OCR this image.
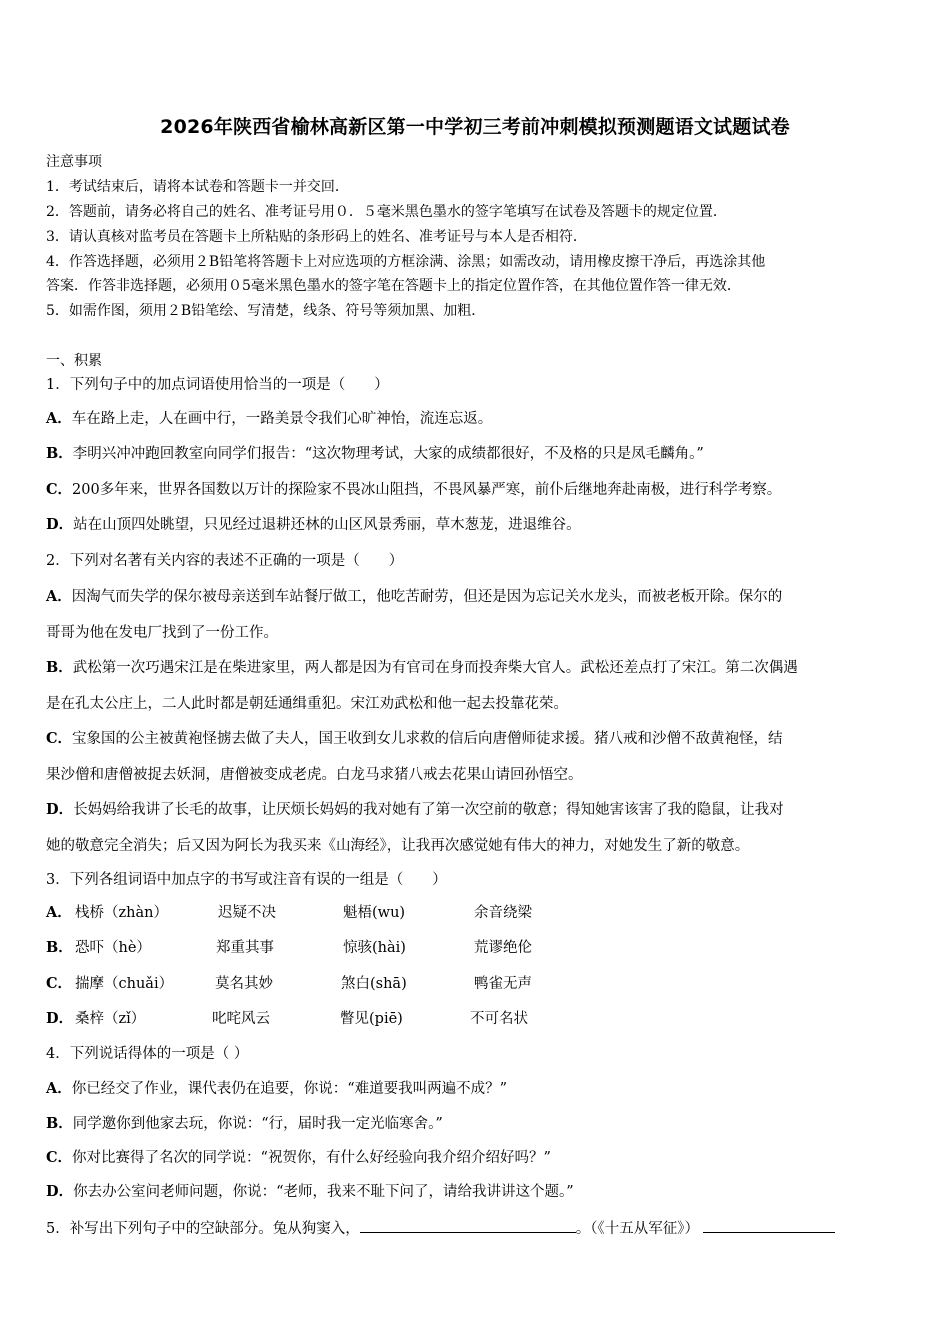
2026年陕西省榆林高新区第一中学初三考前冲刺模拟预测题语文试题试卷
注意事项
1．考试结束后，请将本试卷和答题卡一并交回．
2．答题前，请务必将自己的姓名、准考证号用０．５毫米黑色墨水的签字笔填写在试卷及答题卡的规定位置．
3．请认真核对监考员在答题卡上所粘贴的条形码上的姓名、准考证号与本人是否相符．
4．作答选择题，必须用２B铅笔将答题卡上对应选项的方框涂满、涂黑；如需改动，请用橡皮擦干净后，再选涂其他
答案．作答非选择题，必须用０5毫米黑色墨水的签字笔在答题卡上的指定位置作答，在其他位置作答一律无效．
5．如需作图，须用２B铅笔绘、写清楚，线条、符号等须加黑、加粗．
一、积累
1．下列句子中的加点词语使用恰当的一项是（　　）
A．车在路上走，人在画中行，一路美景令我们心旷神怡，流连忘返。
B．李明兴冲冲跑回教室向同学们报告：“这次物理考试，大家的成绩都很好，不及格的只是凤毛麟角。”
C．200多年来，世界各国数以万计的探险家不畏冰山阻挡，不畏风暴严寒，前仆后继地奔赴南极，进行科学考察。
D．站在山顶四处眺望，只见经过退耕还林的山区风景秀丽，草木葱茏，进退维谷。
2．下列对名著有关内容的表述不正确的一项是（　　）
A．因淘气而失学的保尔被母亲送到车站餐厅做工，他吃苦耐劳，但还是因为忘记关水龙头，而被老板开除。保尔的
哥哥为他在发电厂找到了一份工作。
B．武松第一次巧遇宋江是在柴进家里，两人都是因为有官司在身而投奔柴大官人。武松还差点打了宋江。第二次偶遇
是在孔太公庄上，二人此时都是朝廷通缉重犯。宋江劝武松和他一起去投靠花荣。
C．宝象国的公主被黄袍怪掳去做了夫人，国王收到女儿求救的信后向唐僧师徒求援。猪八戒和沙僧不敌黄袍怪，结
果沙僧和唐僧被捉去妖洞，唐僧被变成老虎。白龙马求猪八戒去花果山请回孙悟空。
D．长妈妈给我讲了长毛的故事，让厌烦长妈妈的我对她有了第一次空前的敬意；得知她害该害了我的隐鼠，让我对
她的敬意完全消失；后又因为阿长为我买来《山海经》，让我再次感觉她有伟大的神力，对她发生了新的敬意。
3．下列各组词语中加点字的书写或注音有误的一组是（　　）
A． 栈桥（zhàn）	迟疑不决	魁梧(wu)	余音绕梁
B． 恐吓（hè）	郑重其事	惊骇(hài)	荒谬绝伦
C． 揣摩（chuǎi）	莫名其妙	煞白(shā)	鸭雀无声
D． 桑梓（zǐ）	叱咤风云	瞥见(piē)	不可名状
4．下列说话得体的一项是（ ）
A．你已经交了作业，课代表仍在追要，你说：“难道要我叫两遍不成？”
B．同学邀你到他家去玩，你说：“行，届时我一定光临寒舍。”
C．你对比赛得了名次的同学说：“祝贺你，有什么好经验向我介绍介绍好吗？”
D．你去办公室问老师问题，你说：“老师，我来不耻下问了，请给我讲讲这个题。”
5．补写出下列句子中的空缺部分。兔从狗窦入，	。（《十五从军征》）
